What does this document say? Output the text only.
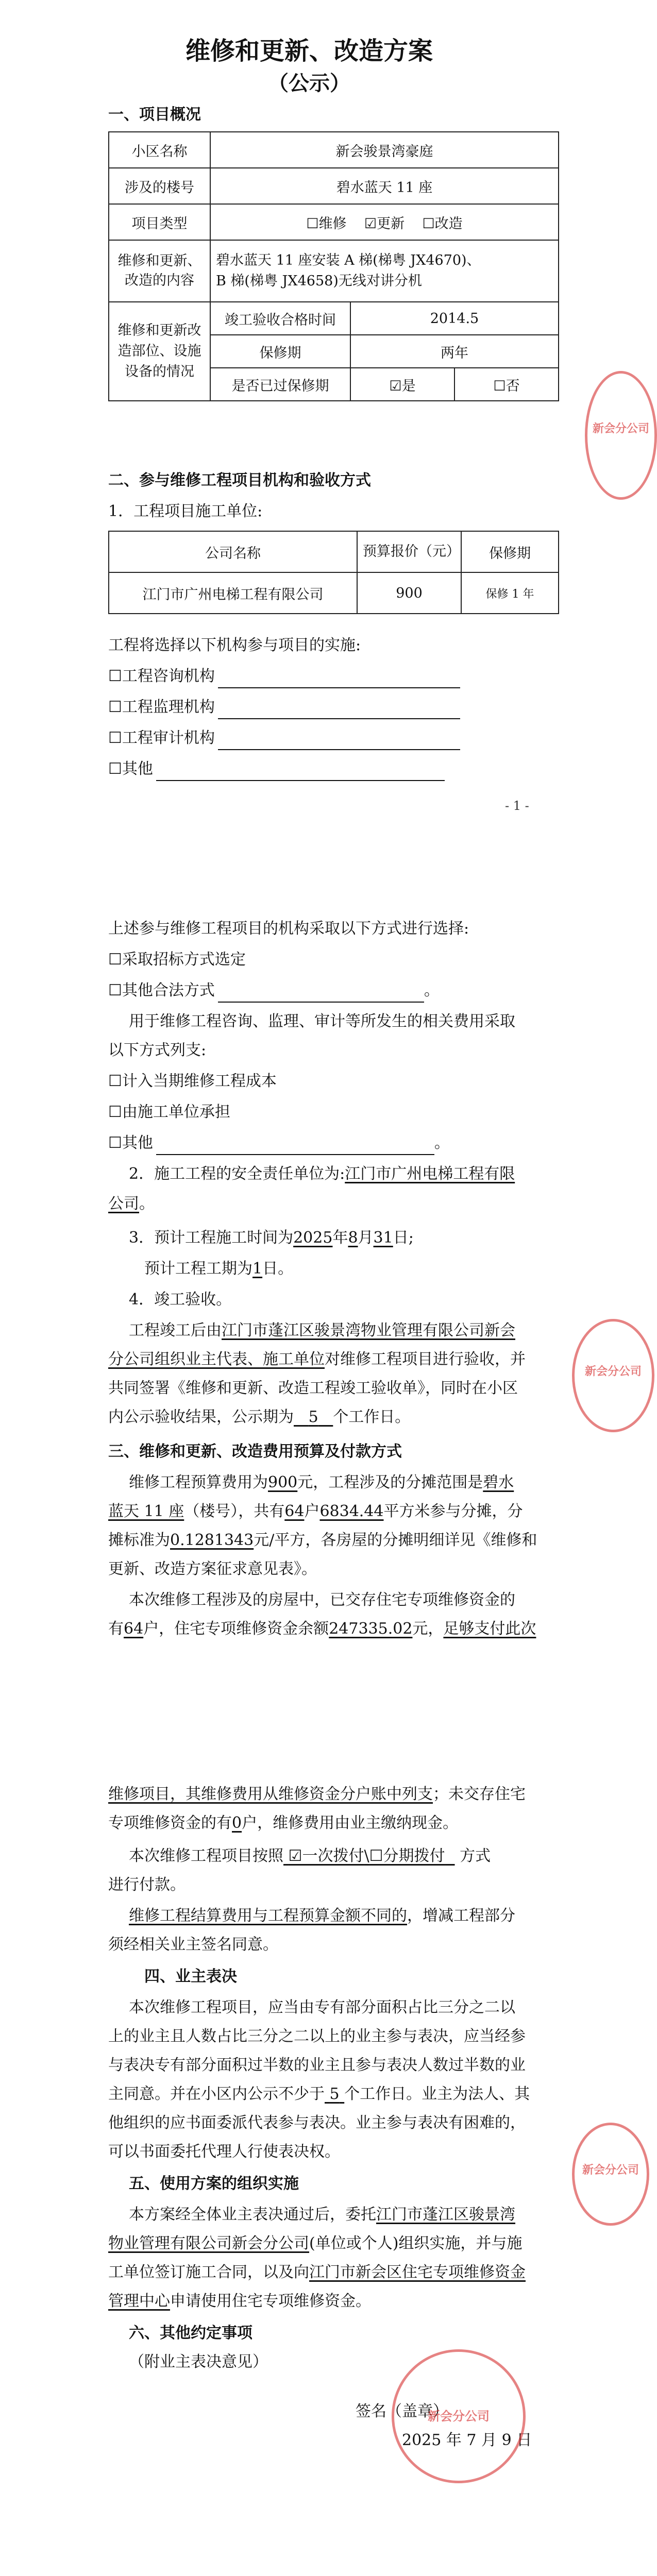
维修和更新、改造方案
（公示）
一、项目概况
小区名称	新会骏景湾豪庭		
涉及的楼号	碧水蓝天 11 座		
项目类型	☐维修 ☑更新 ☐改造		
维修和更新、改造的内容	碧水蓝天 11 座安装 A 梯(梯粤 JX4670)、
B 梯(梯粤 JX4658)无线对讲分机		

维修和更新改造部位、设施设备的情况	竣工验收合格时间	2014.5	
	保修期	两年	
	是否已过保修期	☑是	☐否
二、参与维修工程项目机构和验收方式
1．工程项目施工单位:
公司名称	预算报价（元）	保修期
江门市广州电梯工程有限公司	900	保修 1 年
工程将选择以下机构参与项目的实施:
☐工程咨询机构
☐工程监理机构
☐工程审计机构
☐其他
- 1 -
新会分公司
上述参与维修工程项目的机构采取以下方式进行选择:
☐采取招标方式选定
☐其他合法方式	。
用于维修工程咨询、监理、审计等所发生的相关费用采取
以下方式列支:
☐计入当期维修工程成本
☐由施工单位承担
☐其他	。
2．施工工程的安全责任单位为:江门市广州电梯工程有限
公司。
3．预计工程施工时间为2025年8月31日;
预计工程工期为1日。
4．竣工验收。
工程竣工后由江门市蓬江区骏景湾物业管理有限公司新会
分公司组织业主代表、施工单位对维修工程项目进行验收，并
共同签署《维修和更新、改造工程竣工验收单》，同时在小区
内公示验收结果，公示期为 5 个工作日。
三、维修和更新、改造费用预算及付款方式
维修工程预算费用为900元，工程涉及的分摊范围是碧水
蓝天 11 座（楼号），共有64户6834.44平方米参与分摊，分
摊标准为0.1281343元/平方，各房屋的分摊明细详见《维修和
更新、改造方案征求意见表》。
本次维修工程涉及的房屋中，已交存住宅专项维修资金的
有64户，住宅专项维修资金余额247335.02元，足够支付此次
新会分公司
维修项目，其维修费用从维修资金分户账中列支；未交存住宅
专项维修资金的有0户，维修费用由业主缴纳现金。
本次维修工程项目按照 ☑一次拨付\☐分期拨付 方式
进行付款。
维修工程结算费用与工程预算金额不同的，增减工程部分
须经相关业主签名同意。
四、业主表决
本次维修工程项目，应当由专有部分面积占比三分之二以
上的业主且人数占比三分之二以上的业主参与表决，应当经参
与表决专有部分面积过半数的业主且参与表决人数过半数的业
主同意。并在小区内公示不少于 5 个工作日。业主为法人、其
他组织的应书面委派代表参与表决。业主参与表决有困难的，
可以书面委托代理人行使表决权。
五、使用方案的组织实施
本方案经全体业主表决通过后，委托江门市蓬江区骏景湾
物业管理有限公司新会分公司(单位或个人)组织实施，并与施
工单位签订施工合同，以及向江门市新会区住宅专项维修资金
管理中心申请使用住宅专项维修资金。
六、其他约定事项
（附业主表决意见）
签名（盖章）
2025 年 7 月 9 日
新会分公司
新会分公司
